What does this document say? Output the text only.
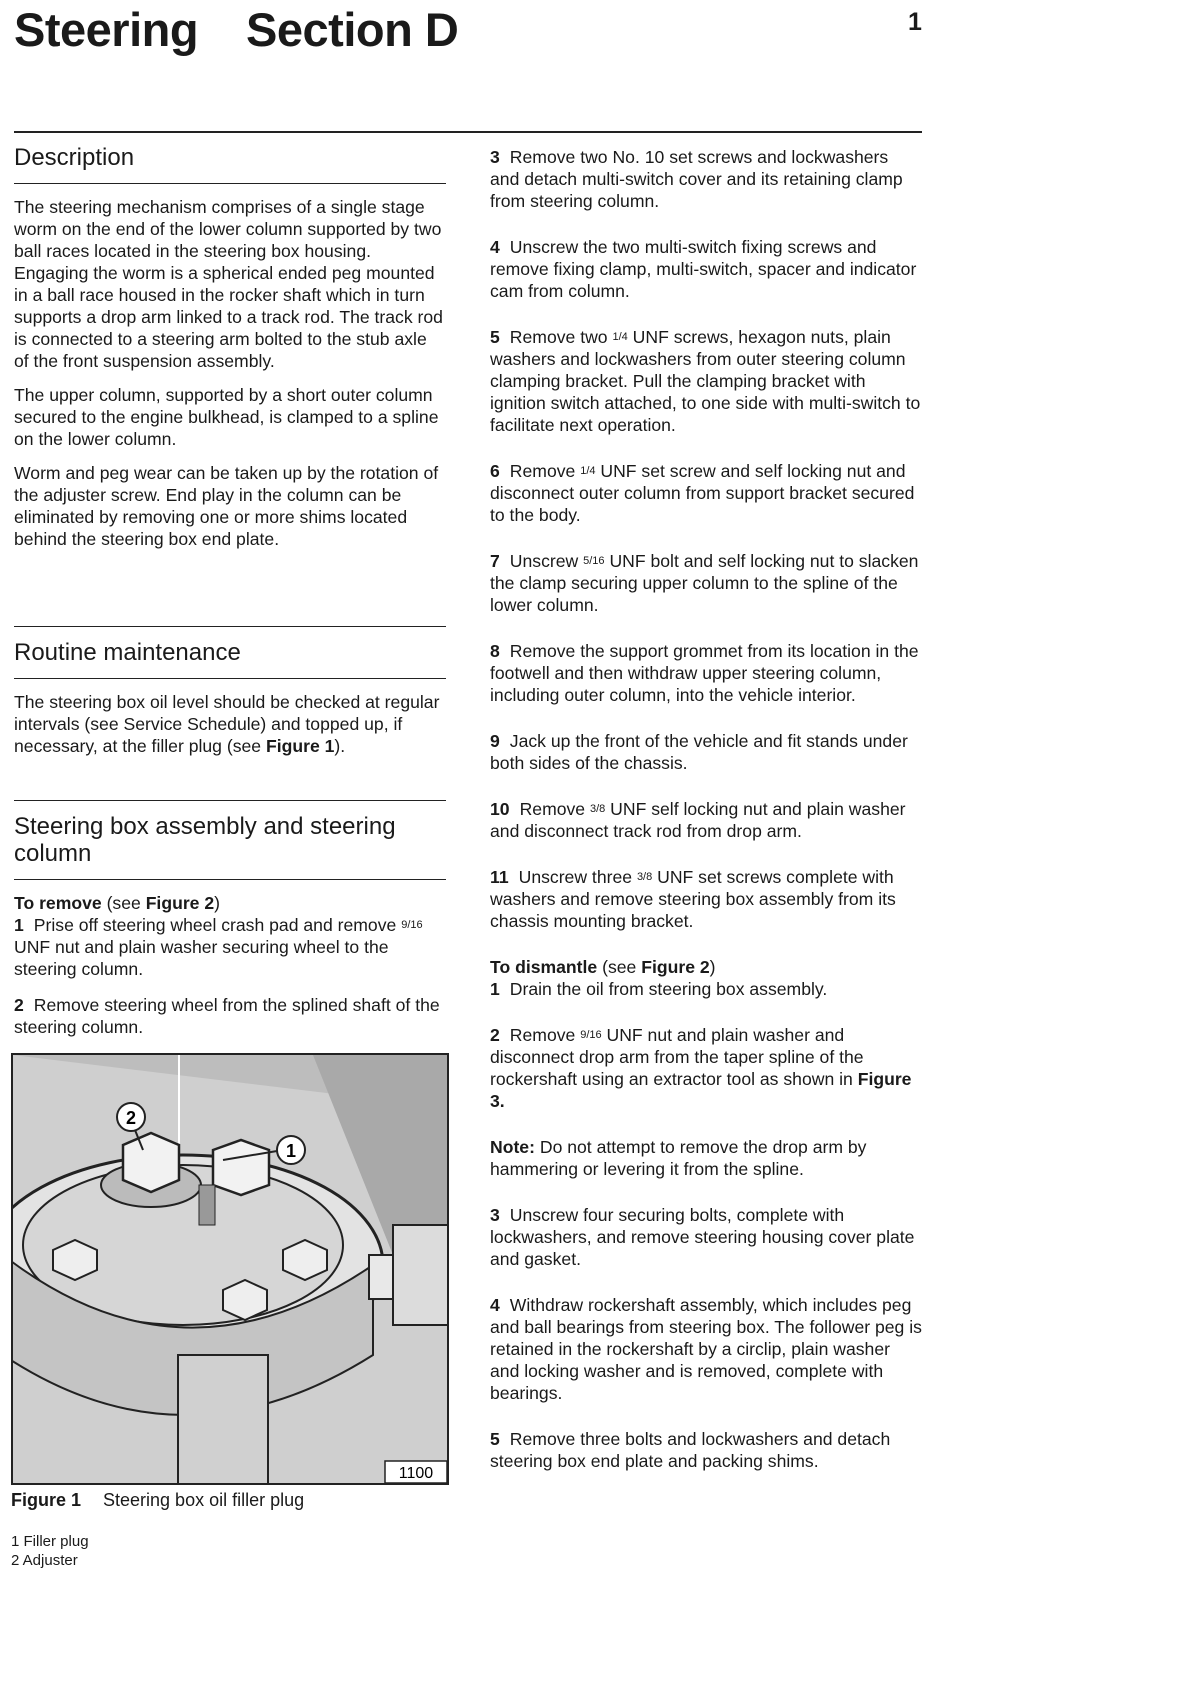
Steering Section D	1
Description

The steering mechanism comprises of a single stage worm on the end of the lower column supported by two ball races located in the steering box housing. Engaging the worm is a spherical ended peg mounted in a ball race housed in the rocker shaft which in turn supports a drop arm linked to a track rod. The track rod is connected to a steering arm bolted to the stub axle of the front suspension assembly.

The upper column, supported by a short outer column secured to the engine bulkhead, is clamped to a spline on the lower column.

Worm and peg wear can be taken up by the rotation of the adjuster screw. End play in the column can be eliminated by removing one or more shims located behind the steering box end plate.

Routine maintenance

The steering box oil level should be checked at regular intervals (see Service Schedule) and topped up, if necessary, at the filler plug (see Figure 1).

Steering box assembly and steering column

To remove (see Figure 2)

1 Prise off steering wheel crash pad and remove 9/16 UNF nut and plain washer securing wheel to the steering column.

2 Remove steering wheel from the splined shaft of the steering column.

2
1
1100
Figure 1 Steering box oil filler plug
1 Filler plug
2 Adjuster

3 Remove two No. 10 set screws and lockwashers and detach multi-switch cover and its retaining clamp from steering column.

4 Unscrew the two multi-switch fixing screws and remove fixing clamp, multi-switch, spacer and indicator cam from column.

5 Remove two 1/4 UNF screws, hexagon nuts, plain washers and lockwashers from outer steering column clamping bracket. Pull the clamping bracket with ignition switch attached, to one side with multi-switch to facilitate next operation.

6 Remove 1/4 UNF set screw and self locking nut and disconnect outer column from support bracket secured to the body.

7 Unscrew 5/16 UNF bolt and self locking nut to slacken the clamp securing upper column to the spline of the lower column.

8 Remove the support grommet from its location in the footwell and then withdraw upper steering column, including outer column, into the vehicle interior.

9 Jack up the front of the vehicle and fit stands under both sides of the chassis.

10 Remove 3/8 UNF self locking nut and plain washer and disconnect track rod from drop arm.

11 Unscrew three 3/8 UNF set screws complete with washers and remove steering box assembly from its chassis mounting bracket.

To dismantle (see Figure 2)

1 Drain the oil from steering box assembly.

2 Remove 9/16 UNF nut and plain washer and disconnect drop arm from the taper spline of the rockershaft using an extractor tool as shown in Figure 3.

Note: Do not attempt to remove the drop arm by hammering or levering it from the spline.

3 Unscrew four securing bolts, complete with lockwashers, and remove steering housing cover plate and gasket.

4 Withdraw rockershaft assembly, which includes peg and ball bearings from steering box. The follower peg is retained in the rockershaft by a circlip, plain washer and locking washer and is removed, complete with bearings.

5 Remove three bolts and lockwashers and detach steering box end plate and packing shims.
